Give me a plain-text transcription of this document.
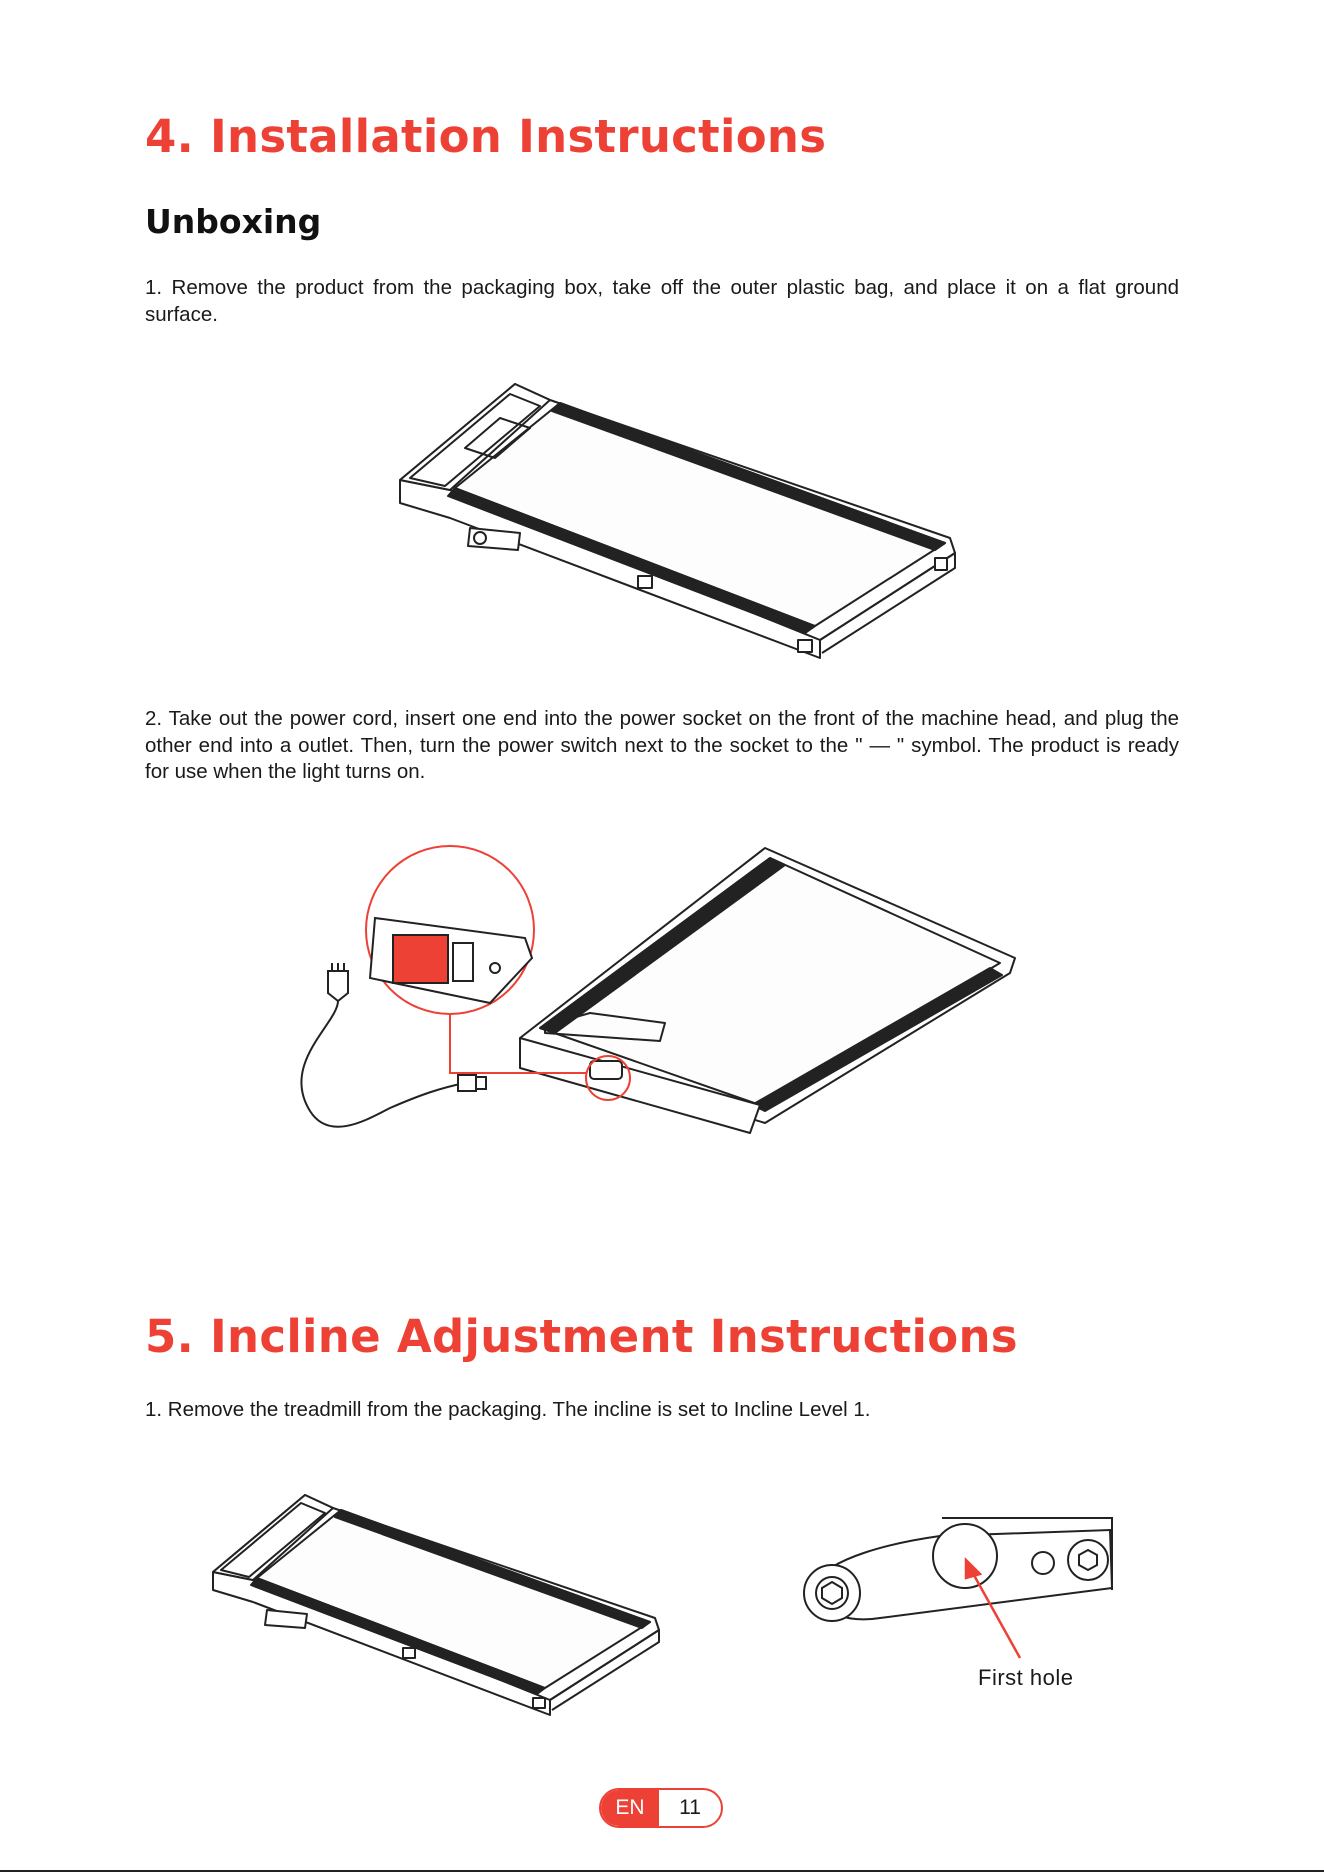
4. Installation Instructions
Unboxing

1. Remove the product from the packaging box, take off the outer plastic bag, and place it on a flat ground surface.

2. Take out the power cord, insert one end into the power socket on the front of the machine head, and plug the other end into a outlet. Then, turn the power switch next to the socket to the " — " symbol. The product is ready for use when the light turns on.

5. Incline Adjustment Instructions

1. Remove the treadmill from the packaging. The incline is set to Incline Level 1.

First hole
EN	11
